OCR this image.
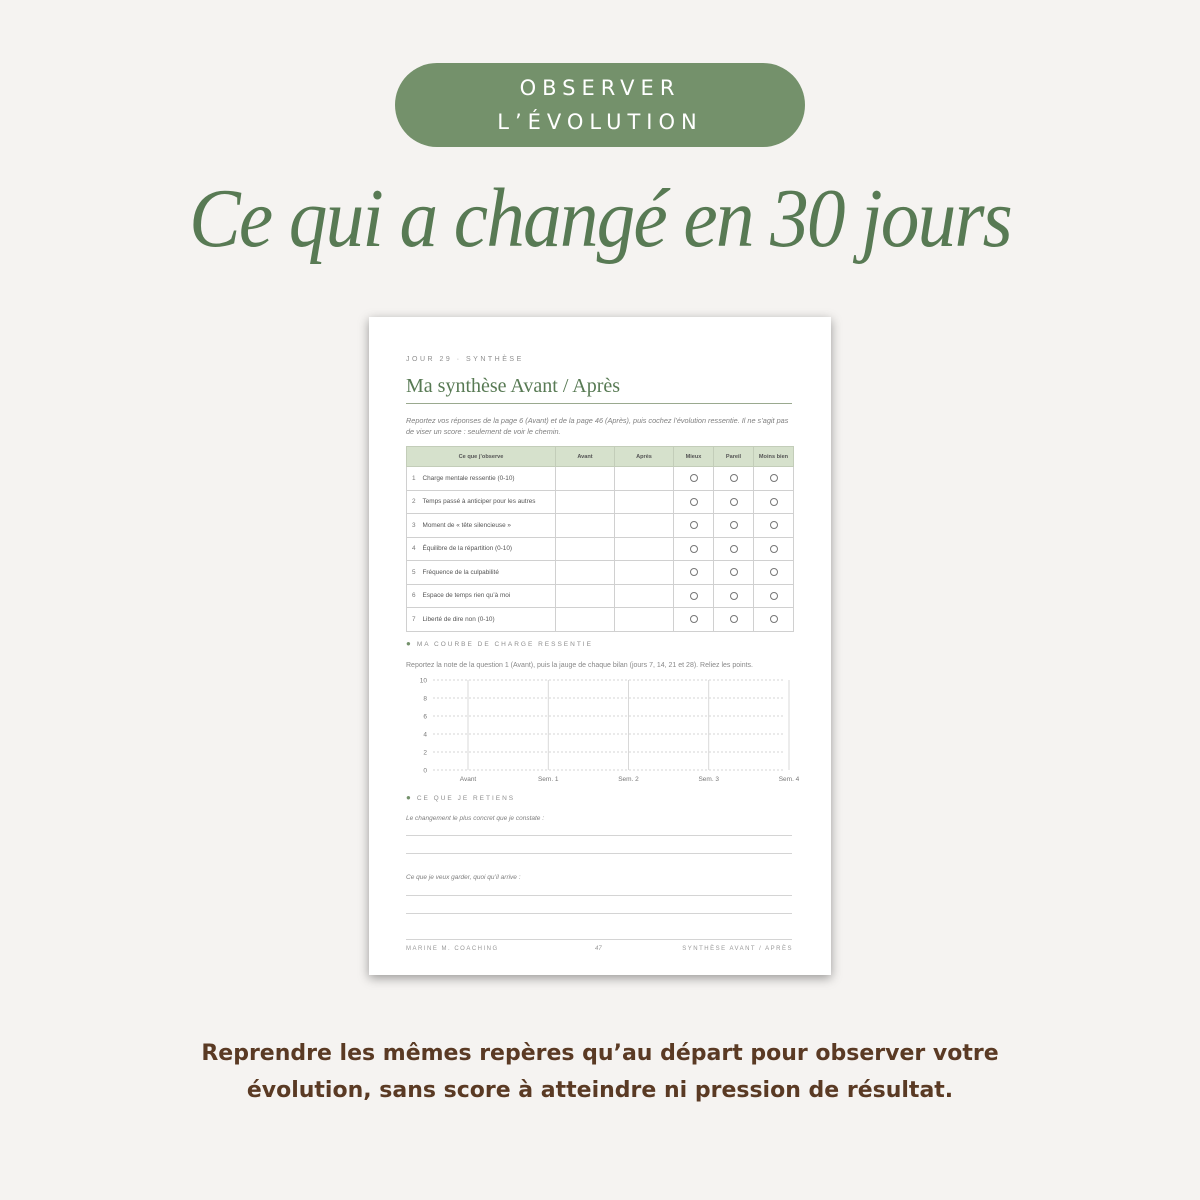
OBSERVER
L’ÉVOLUTION
Ce qui a changé en 30 jours
JOUR 29 · SYNTHÈSE
Ma synthèse Avant / Après
Reportez vos réponses de la page 6 (Avant) et de la page 46 (Après), puis cochez l’évolution ressentie. Il ne s’agit pas de viser un score : seulement de voir le chemin.
Ce que j’observe		Avant	Après	Mieux	Pareil	Moins bien
1	Charge mentale ressentie (0-10)					
2	Temps passé à anticiper pour les autres					
3	Moment de « tête silencieuse »					
4	Équilibre de la répartition (0-10)					
5	Fréquence de la culpabilité					
6	Espace de temps rien qu’à moi					
7	Liberté de dire non (0-10)					
● MA COURBE DE CHARGE RESSENTIE
Reportez la note de la question 1 (Avant), puis la jauge de chaque bilan (jours 7, 14, 21 et 28). Reliez les points.
10
8
6
4
2
0
Avant	Sem. 1	Sem. 2	Sem. 3	Sem. 4
● CE QUE JE RETIENS
Le changement le plus concret que je constate :
Ce que je veux garder, quoi qu’il arrive :
MARINE M. COACHING	47	SYNTHÈSE AVANT / APRÈS
Reprendre les mêmes repères qu’au départ pour observer votre
évolution, sans score à atteindre ni pression de résultat.
